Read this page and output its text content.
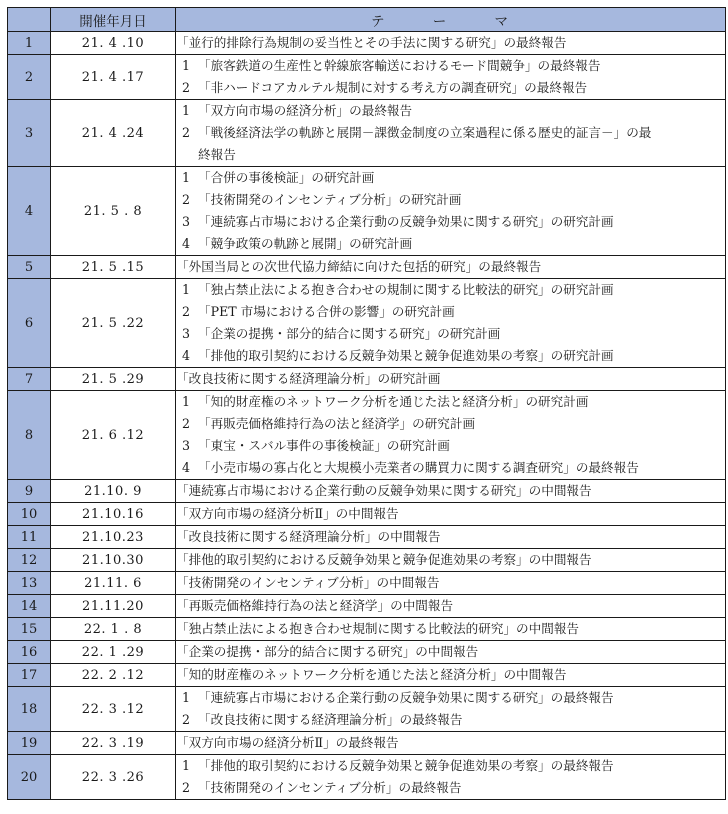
	開催年月日	テ ー マ
1	21. 4 .10	「並行的排除行為規制の妥当性とその手法に関する研究」の最終報告

2	21. 4 .17	1 「旅客鉄道の生産性と幹線旅客輸送におけるモード間競争」の最終報告
2 「非ハードコアカルテル規制に対する考え方の調査研究」の最終報告

3	21. 4 .24	1 「双方向市場の経済分析」の最終報告
2 「戦後経済法学の軌跡と展開－課徴金制度の立案過程に係る歴史的証言－」の最
終報告

4	21. 5 . 8	1 「合併の事後検証」の研究計画
2 「技術開発のインセンティブ分析」の研究計画
3 「連続寡占市場における企業行動の反競争効果に関する研究」の研究計画
4 「競争政策の軌跡と展開」の研究計画

5	21. 5 .15	「外国当局との次世代協力締結に向けた包括的研究」の最終報告

6	21. 5 .22	1 「独占禁止法による抱き合わせの規制に関する比較法的研究」の研究計画
2 「PET 市場における合併の影響」の研究計画
3 「企業の提携・部分的結合に関する研究」の研究計画
4 「排他的取引契約における反競争効果と競争促進効果の考察」の研究計画

7	21. 5 .29	「改良技術に関する経済理論分析」の研究計画

8	21. 6 .12	1 「知的財産権のネットワーク分析を通じた法と経済分析」の研究計画
2 「再販売価格維持行為の法と経済学」の研究計画
3 「東宝・スバル事件の事後検証」の研究計画
4 「小売市場の寡占化と大規模小売業者の購買力に関する調査研究」の最終報告

9	21.10. 9	「連続寡占市場における企業行動の反競争効果に関する研究」の中間報告

10	21.10.16	「双方向市場の経済分析Ⅱ」の中間報告

11	21.10.23	「改良技術に関する経済理論分析」の中間報告

12	21.10.30	「排他的取引契約における反競争効果と競争促進効果の考察」の中間報告

13	21.11. 6	「技術開発のインセンティブ分析」の中間報告

14	21.11.20	「再販売価格維持行為の法と経済学」の中間報告

15	22. 1 . 8	「独占禁止法による抱き合わせ規制に関する比較法的研究」の中間報告

16	22. 1 .29	「企業の提携・部分的結合に関する研究」の中間報告

17	22. 2 .12	「知的財産権のネットワーク分析を通じた法と経済分析」の中間報告

18	22. 3 .12	1 「連続寡占市場における企業行動の反競争効果に関する研究」の最終報告
2 「改良技術に関する経済理論分析」の最終報告

19	22. 3 .19	「双方向市場の経済分析Ⅱ」の最終報告

20	22. 3 .26	1 「排他的取引契約における反競争効果と競争促進効果の考察」の最終報告
2 「技術開発のインセンティブ分析」の最終報告
